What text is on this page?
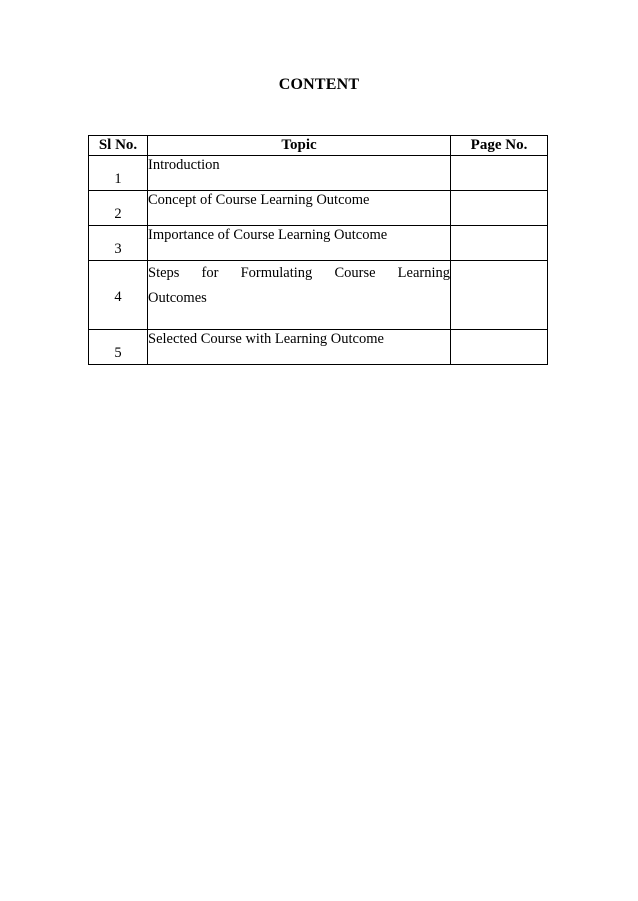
CONTENT
Sl No.	Topic	Page No.
1	Introduction	
2	Concept of Course Learning Outcome	
3	Importance of Course Learning Outcome	
4	Steps for Formulating Course Learning
Outcomes	

5	Selected Course with Learning Outcome	
